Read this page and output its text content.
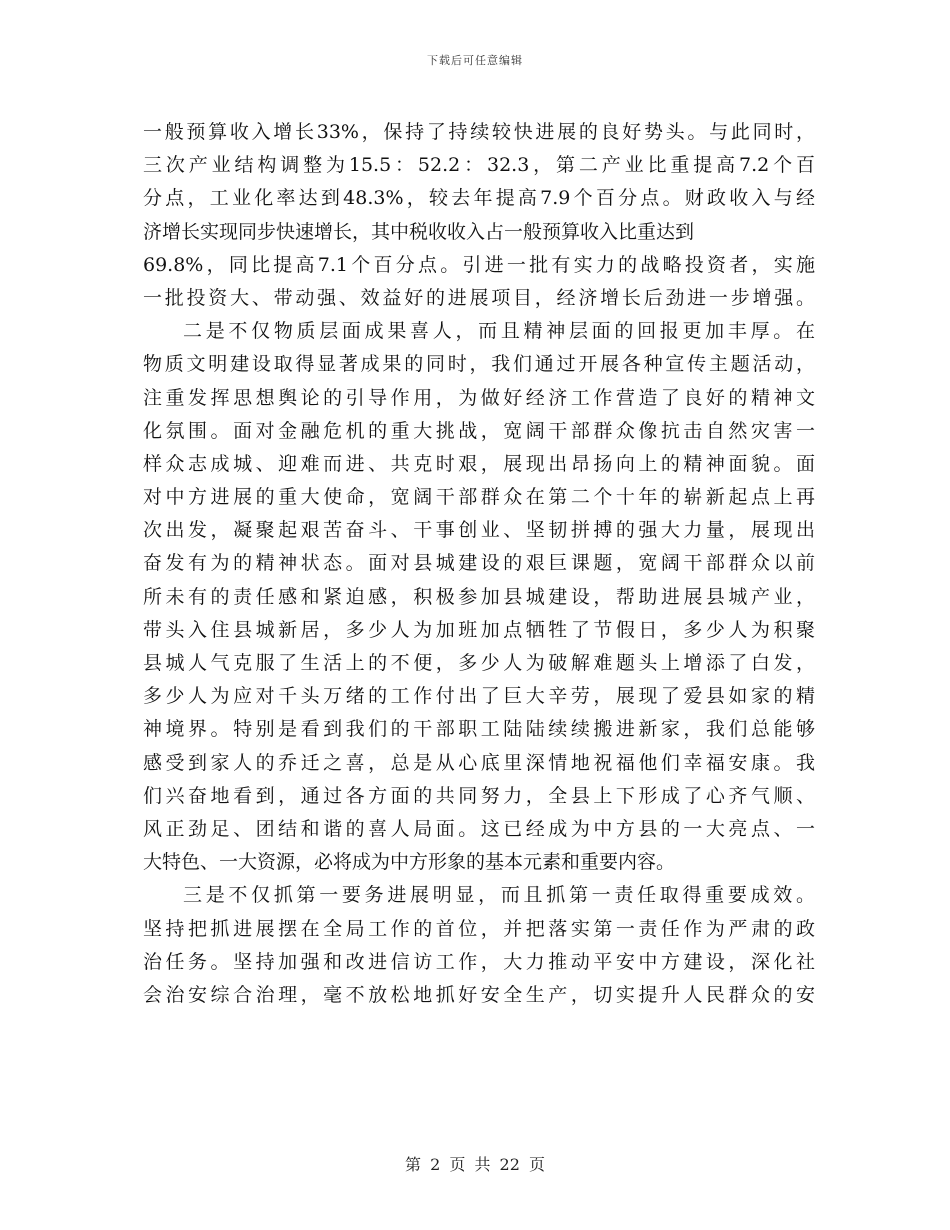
下载后可任意编辑
一般预算收入增长33%，保持了持续较快进展的良好势头。与此同时，
三次产业结构调整为15.5：52.2：32.3，第二产业比重提高7.2个百
分点，工业化率达到48.3%，较去年提高7.9个百分点。财政收入与经
济增长实现同步快速增长，其中税收收入占一般预算收入比重达到
69.8%，同比提高7.1个百分点。引进一批有实力的战略投资者，实施
一批投资大、带动强、效益好的进展项目，经济增长后劲进一步增强。
二是不仅物质层面成果喜人，而且精神层面的回报更加丰厚。在
物质文明建设取得显著成果的同时，我们通过开展各种宣传主题活动，
注重发挥思想舆论的引导作用，为做好经济工作营造了良好的精神文
化氛围。面对金融危机的重大挑战，宽阔干部群众像抗击自然灾害一
样众志成城、迎难而进、共克时艰，展现出昂扬向上的精神面貌。面
对中方进展的重大使命，宽阔干部群众在第二个十年的崭新起点上再
次出发，凝聚起艰苦奋斗、干事创业、坚韧拼搏的强大力量，展现出
奋发有为的精神状态。面对县城建设的艰巨课题，宽阔干部群众以前
所未有的责任感和紧迫感，积极参加县城建设，帮助进展县城产业，
带头入住县城新居，多少人为加班加点牺牲了节假日，多少人为积聚
县城人气克服了生活上的不便，多少人为破解难题头上增添了白发，
多少人为应对千头万绪的工作付出了巨大辛劳，展现了爱县如家的精
神境界。特别是看到我们的干部职工陆陆续续搬进新家，我们总能够
感受到家人的乔迁之喜，总是从心底里深情地祝福他们幸福安康。我
们兴奋地看到，通过各方面的共同努力，全县上下形成了心齐气顺、
风正劲足、团结和谐的喜人局面。这已经成为中方县的一大亮点、一
大特色、一大资源，必将成为中方形象的基本元素和重要内容。
三是不仅抓第一要务进展明显，而且抓第一责任取得重要成效。
坚持把抓进展摆在全局工作的首位，并把落实第一责任作为严肃的政
治任务。坚持加强和改进信访工作，大力推动平安中方建设，深化社
会治安综合治理，毫不放松地抓好安全生产，切实提升人民群众的安
第 2 页 共 22 页
